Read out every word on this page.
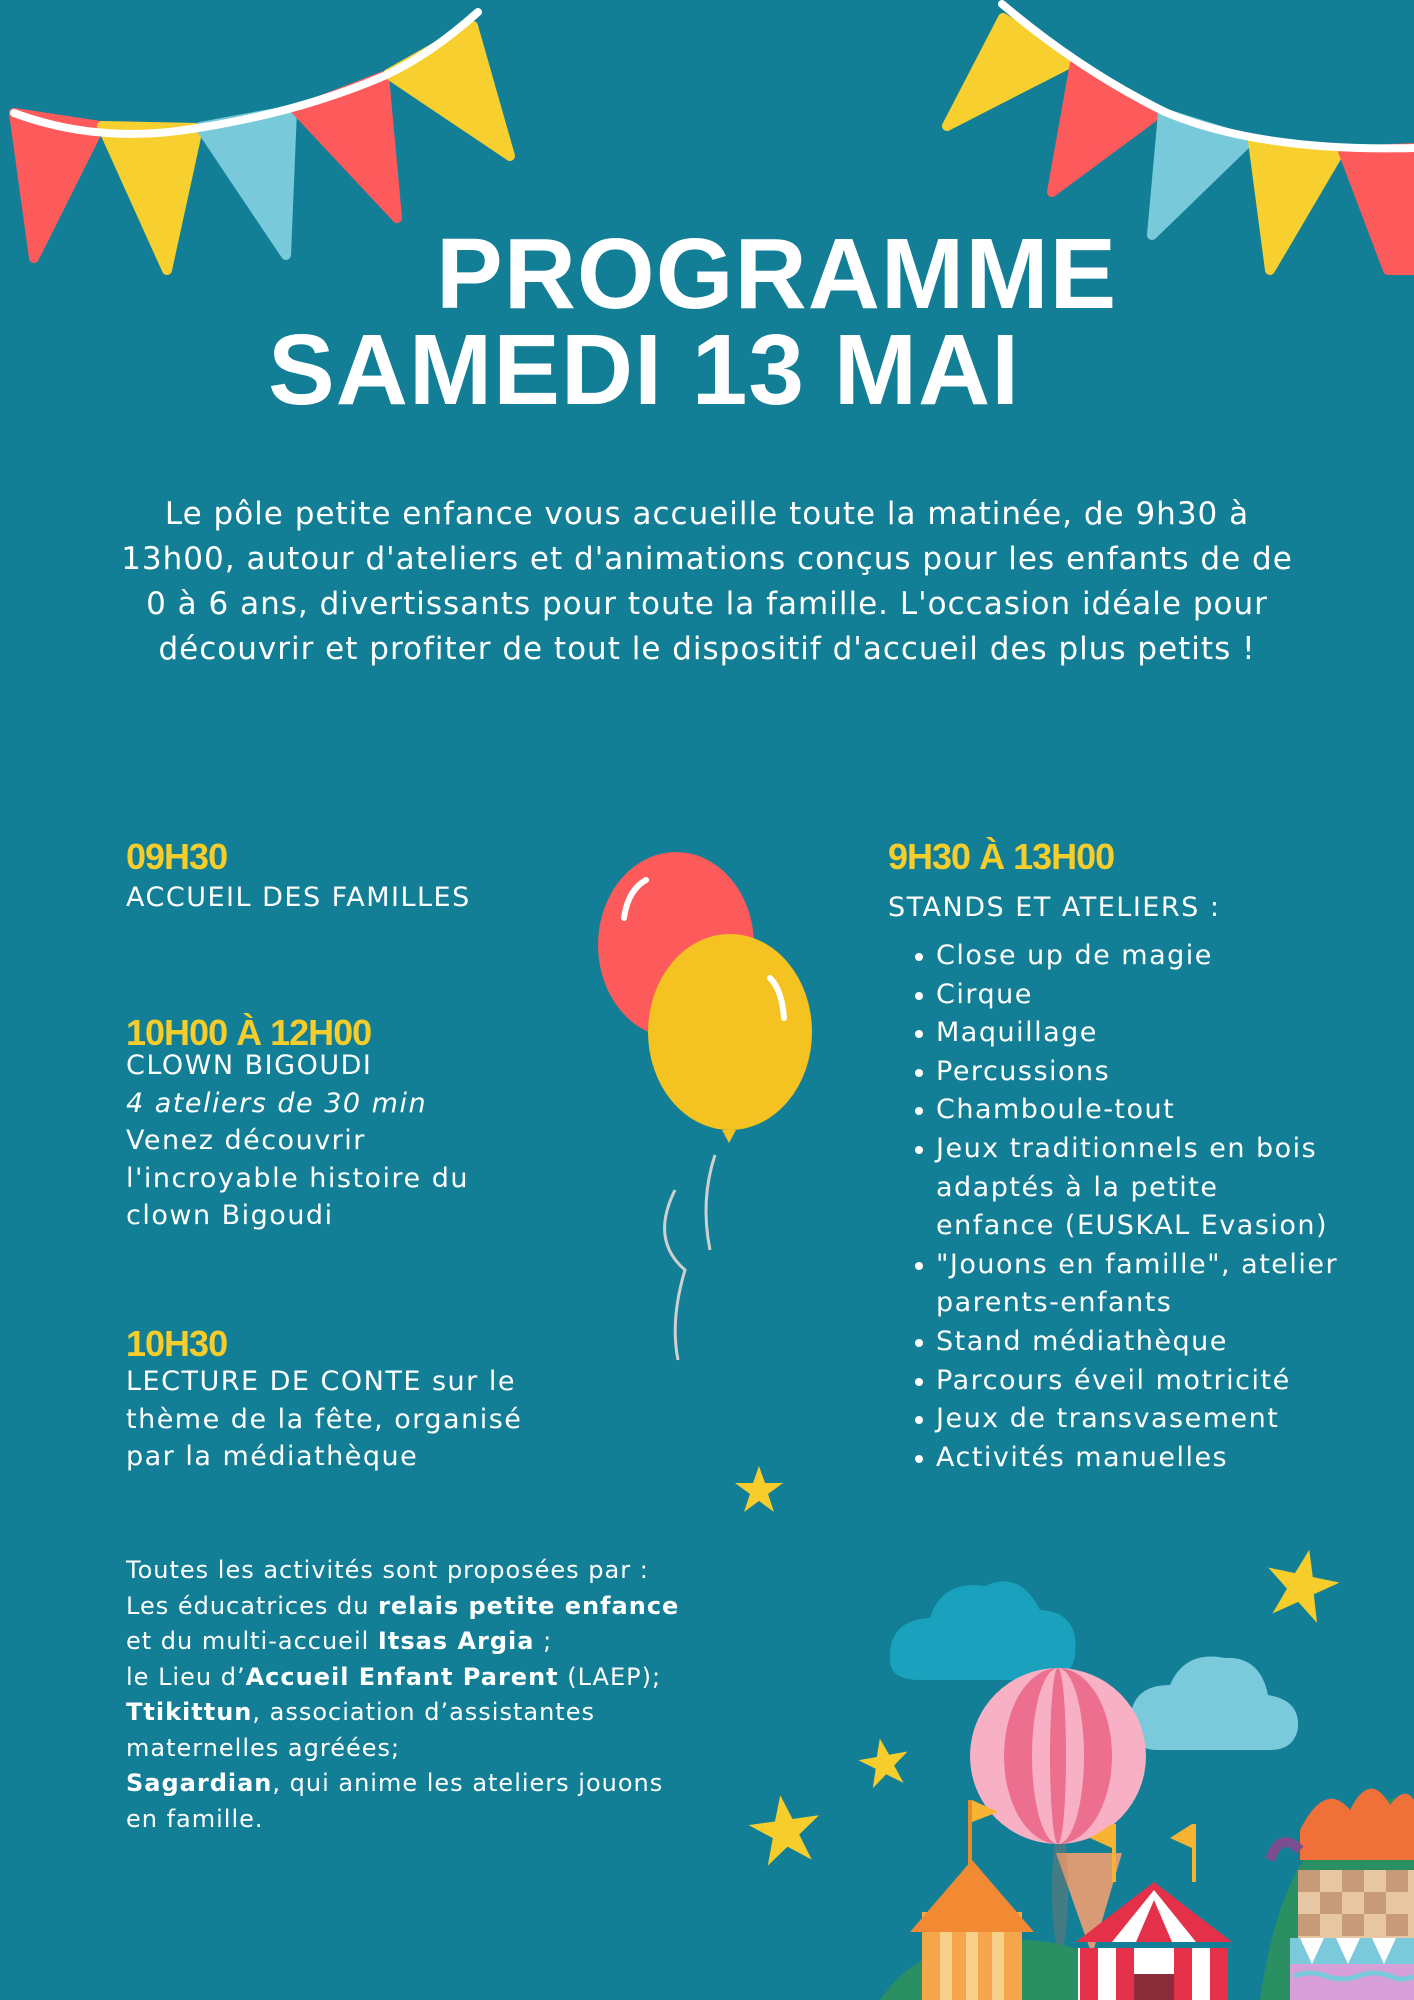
PROGRAMME
SAMEDI 13 MAI
Le pôle petite enfance vous accueille toute la matinée, de 9h30 à 13h00, autour d'ateliers et d'animations conçus pour les enfants de de 0 à 6 ans, divertissants pour toute la famille. L'occasion idéale pour découvrir et profiter de tout le dispositif d'accueil des plus petits !
09H30
ACCUEIL DES FAMILLES
10H00 À 12H00
CLOWN BIGOUDI
4 ateliers de 30 min
Venez découvrir
l'incroyable histoire du
clown Bigoudi
10H30
LECTURE DE CONTE sur le
thème de la fête, organisé
par la médiathèque
9H30 À 13H00
STANDS ET ATELIERS :
Close up de magie
Cirque
Maquillage
Percussions
Chamboule-tout
Jeux traditionnels en bois
adaptés à la petite
enfance (EUSKAL Evasion)
"Jouons en famille", atelier
parents-enfants
Stand médiathèque
Parcours éveil motricité
Jeux de transvasement
Activités manuelles
Toutes les activités sont proposées par :
Les éducatrices du relais petite enfance
et du multi-accueil Itsas Argia ;
le Lieu d’Accueil Enfant Parent (LAEP);
Ttikittun, association d’assistantes
maternelles agréées;
Sagardian, qui anime les ateliers jouons
en famille.
